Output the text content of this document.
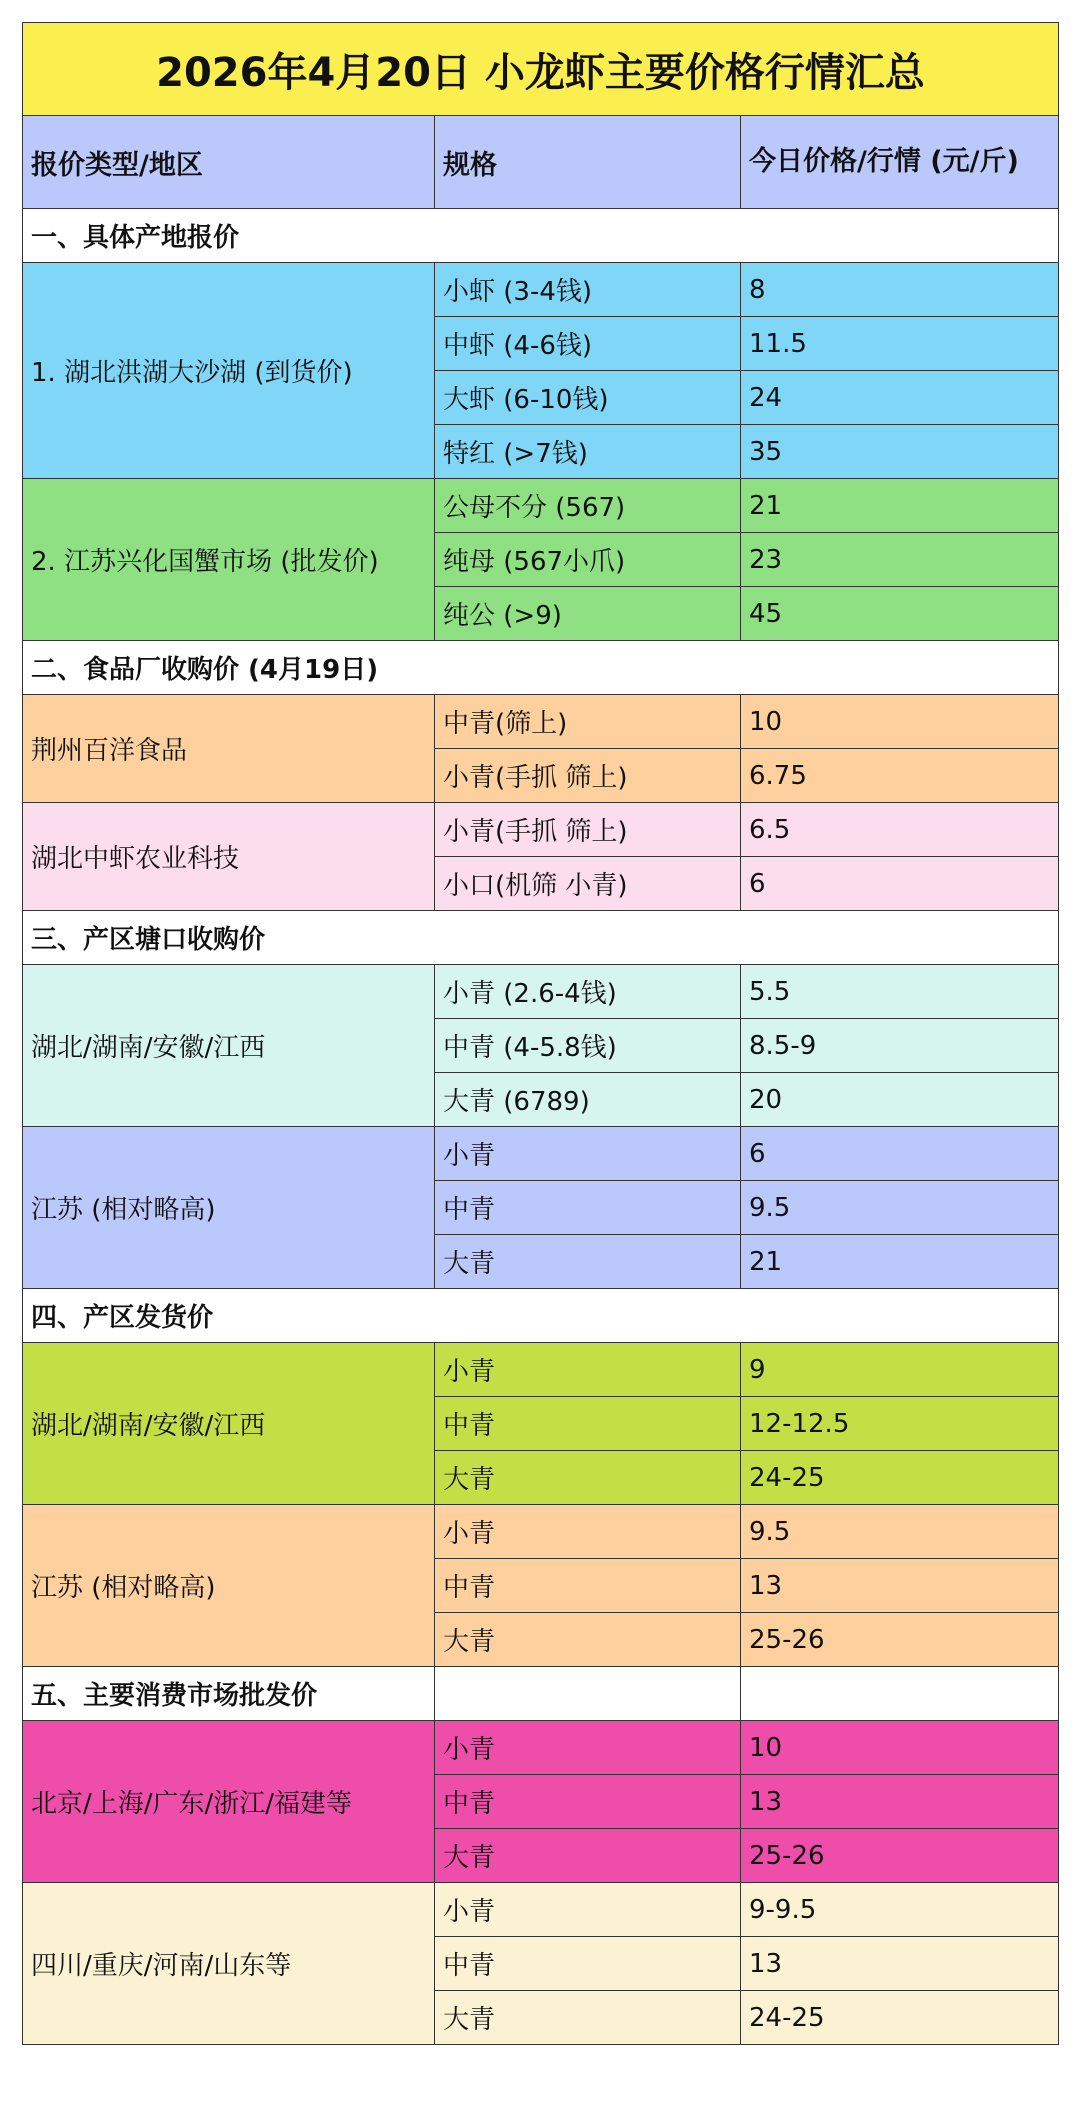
2026年4月20日 小龙虾主要价格行情汇总		
报价类型/地区	规格	今日价格/行情 (元/斤)
一、具体产地报价		
1. 湖北洪湖大沙湖 (到货价)	小虾 (3-4钱)	8
	中虾 (4-6钱)	11.5
	大虾 (6-10钱)	24
	特红 (>7钱)	35
2. 江苏兴化国蟹市场 (批发价)	公母不分 (567)	21
	纯母 (567小爪)	23
	纯公 (>9)	45
二、食品厂收购价 (4月19日)		
荆州百洋食品	中青(筛上)	10
	小青(手抓 筛上)	6.75
湖北中虾农业科技	小青(手抓 筛上)	6.5
	小口(机筛 小青)	6
三、产区塘口收购价		
湖北/湖南/安徽/江西	小青 (2.6-4钱)	5.5
	中青 (4-5.8钱)	8.5-9
	大青 (6789)	20
江苏 (相对略高)	小青	6
	中青	9.5
	大青	21
四、产区发货价		
湖北/湖南/安徽/江西	小青	9
	中青	12-12.5
	大青	24-25
江苏 (相对略高)	小青	9.5
	中青	13
	大青	25-26
五、主要消费市场批发价		
北京/上海/广东/浙江/福建等	小青	10
	中青	13
	大青	25-26
四川/重庆/河南/山东等	小青	9-9.5
	中青	13
	大青	24-25
